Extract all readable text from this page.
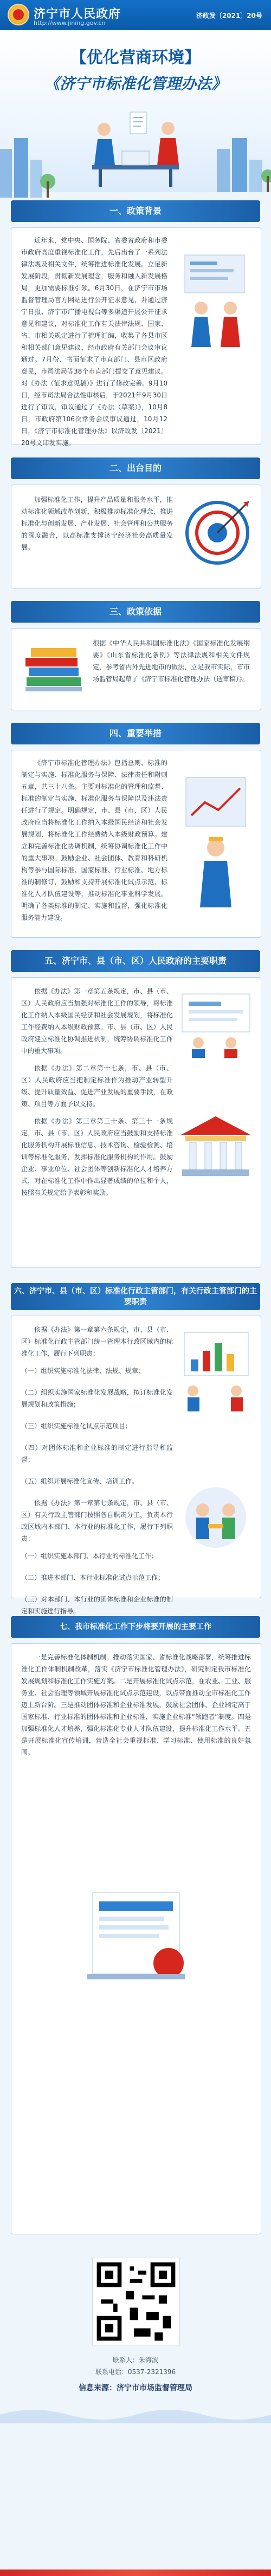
济宁市人民政府
http://www.jining.gov.cn
济政发〔2021〕20号
【优化营商环境】
《济宁市标准化管理办法》
一、政策背景

近年来，党中央、国务院、省委省政府和市委市政府高度重视标准化工作，先后出台了一系列法律法规及相关文件，统筹推进标准化发展。立足新发展阶段，贯彻新发展理念，服务和融入新发展格局，更加需要标准引领。6月30日，在济宁市市场监督管理局官方网站进行公开征求意见，并通过济宁日报、济宁市广播电视台等多渠道开展公开征求意见和建议，对标准化工作有关法律法规、国家、省、市相关规定进行了梳理汇编，收集了各县市区和相关部门意见建议，经市政府有关部门会议审议通过。7月份、书面征求了市直部门、县市区政府意见，市司法局等38个市直部门提交了意见建议。对《办法（征求意见稿）》进行了修改完善。9月10日，经市司法局合法性审核后，于2021年9月30日进行了审议，审议通过了《办法（草案）》，10月8日，市政府第106次常务会议审议通过，10月12日，《济宁市标准化管理办法》以济政发〔2021〕20号文印发实施。

二、出台目的

加强标准化工作，提升产品质量和服务水平，推动标准化领域改革创新，积极推动标准化理念，推进标准化与创新发展、产业发展、社会管理和公共服务的深度融合，以高标准支撑济宁经济社会高质量发展。

三、政策依据
根据《中华人民共和国标准化法》《国家标准化发展纲要》《山东省标准化条例》等法律法规和相关文件规定，参考省内外先进地市的做法，立足我市实际，市市场监管局起草了《济宁市标准化管理办法（送审稿）》。
四、重要举措

《济宁市标准化管理办法》包括总则、标准的制定与实施、标准化服务与保障、法律责任和附则五章，共三十八条。主要对标准化的管理和监督、标准的制定与实施、标准化服务与保障以及违法责任进行了规定。明确规定，市、县（市、区）人民政府应当将标准化工作纳入本级国民经济和社会发展规划，将标准化工作经费纳入本级财政预算。建立和完善标准化协调机制，统筹协调标准化工作中的重大事项。鼓励企业、社会团体、教育和科研机构等参与国际标准、国家标准、行业标准、地方标准的制修订，鼓励和支持开展标准化试点示范、标准化人才队伍建设等，推动标准化事业科学发展。明确了各类标准的制定、实施和监督，强化标准化服务能力建设。

五、济宁市、县（市、区）人民政府的主要职责

依据《办法》第一章第五条规定，市、县（市、区）人民政府应当加强对标准化工作的领导，将标准化工作纳入本级国民经济和社会发展规划，将标准化工作经费纳入本级财政预算。市、县（市、区）人民政府建立标准化协调推进机制，统筹协调标准化工作中的重大事项。

依据《办法》第二章第十七条，市、县（市、区）人民政府应当把制定标准作为推动产业转型升级、提升质量效益、促进产业发展的重要手段，在政策、项目等方面予以支持。

依据《办法》第三章第三十条、第三十一条规定，市、县（市、区）人民政府应当鼓励和支持标准化服务机构开展标准信息、技术咨询、检验检测、培训等标准化服务，发挥标准化服务机构的作用。鼓励企业、事业单位、社会团体等创新标准化人才培养方式，对在标准化工作中作出显著成绩的单位和个人，按照有关规定给予表彰和奖励。

六、济宁市、县（市、区）标准化行政主管部门，有关行政主管部门的主要职责

依据《办法》第一章第六条规定，市、县（市、区）标准化行政主管部门统一管理本行政区域内的标准化工作，履行下列职责：

（一）组织实施标准化法律、法规、规章；
（二）组织实施国家标准化发展战略，拟订标准化发展规划和政策措施；
（三）组织实施标准化试点示范项目；
（四）对团体标准和企业标准的制定进行指导和监督；
（五）组织开展标准化宣传、培训工作。

依据《办法》第一章第七条规定，市、县（市、区）有关行政主管部门按照各自职责分工，负责本行政区域内本部门、本行业的标准化工作，履行下列职责：

（一）组织实施本部门、本行业的标准化工作；
（二）推进本部门、本行业标准化试点示范工作；
（三）对本部门、本行业的团体标准和企业标准的制定和实施进行指导。
七、我市标准化工作下步将要开展的主要工作

一是完善标准化体制机制。推动落实国家、省标准化战略部署，统筹推进标准化工作体制机制改革，落实《济宁市标准化管理办法》，研究制定我市标准化发展规划和标准化工作实施方案。二是开展标准化试点示范，在农业、工业、服务业、社会治理等领域开展标准化试点示范建设，以点带面推动全市标准化工作迈上新台阶。三是推动团体标准和企业标准发展，鼓励社会团体、企业制定高于国家标准、行业标准的团体标准和企业标准，实施企业标准“领跑者”制度。四是加强标准化人才培养，强化标准化专业人才队伍建设，提升标准化工作水平。五是开展标准化宣传培训，营造全社会重视标准、学习标准、使用标准的良好氛围。

联系人：朱海波
联系电话：0537-2321396
信息来源：济宁市市场监督管理局
